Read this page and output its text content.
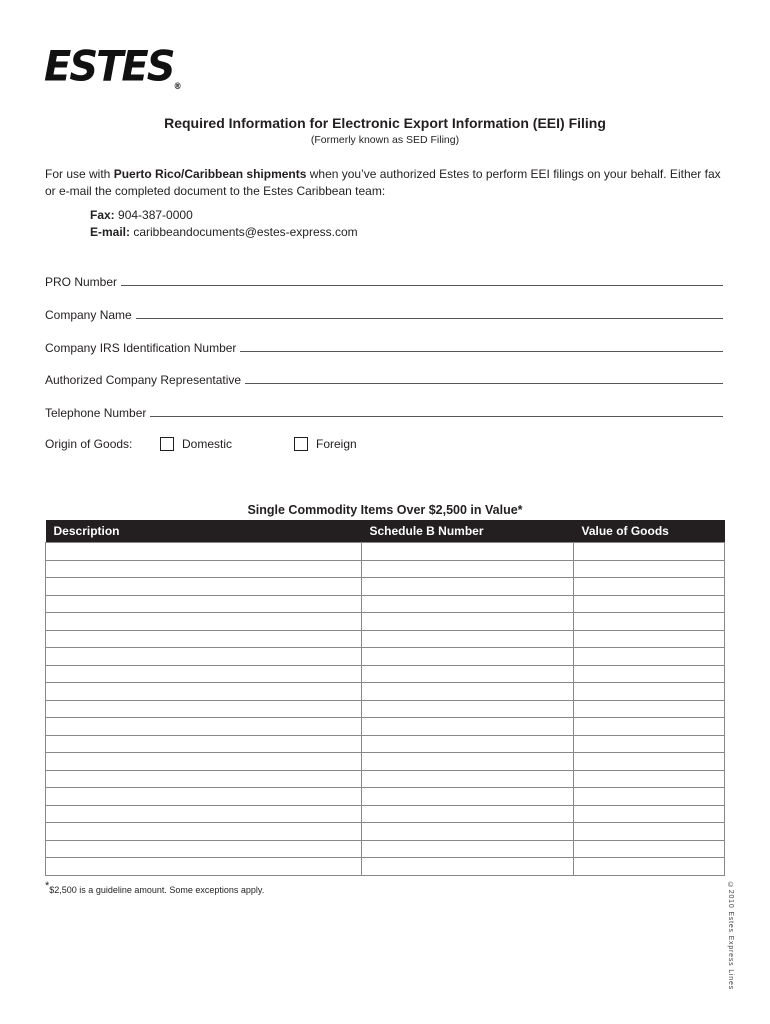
ESTES®
Required Information for Electronic Export Information (EEI) Filing
(Formerly known as SED Filing)
For use with Puerto Rico/Caribbean shipments when you’ve authorized Estes to perform EEI filings on your behalf. Either fax or e-mail the completed document to the Estes Caribbean team:
Fax: 904-387-0000
E-mail: caribbeandocuments@estes-express.com
PRO Number
Company Name
Company IRS Identification Number
Authorized Company Representative
Telephone Number
Origin of Goods:	Domestic	Foreign
Single Commodity Items Over $2,500 in Value*
Description	Schedule B Number	Value of Goods

*$2,500 is a guideline amount. Some exceptions apply.	©2010 Estes Express Lines
